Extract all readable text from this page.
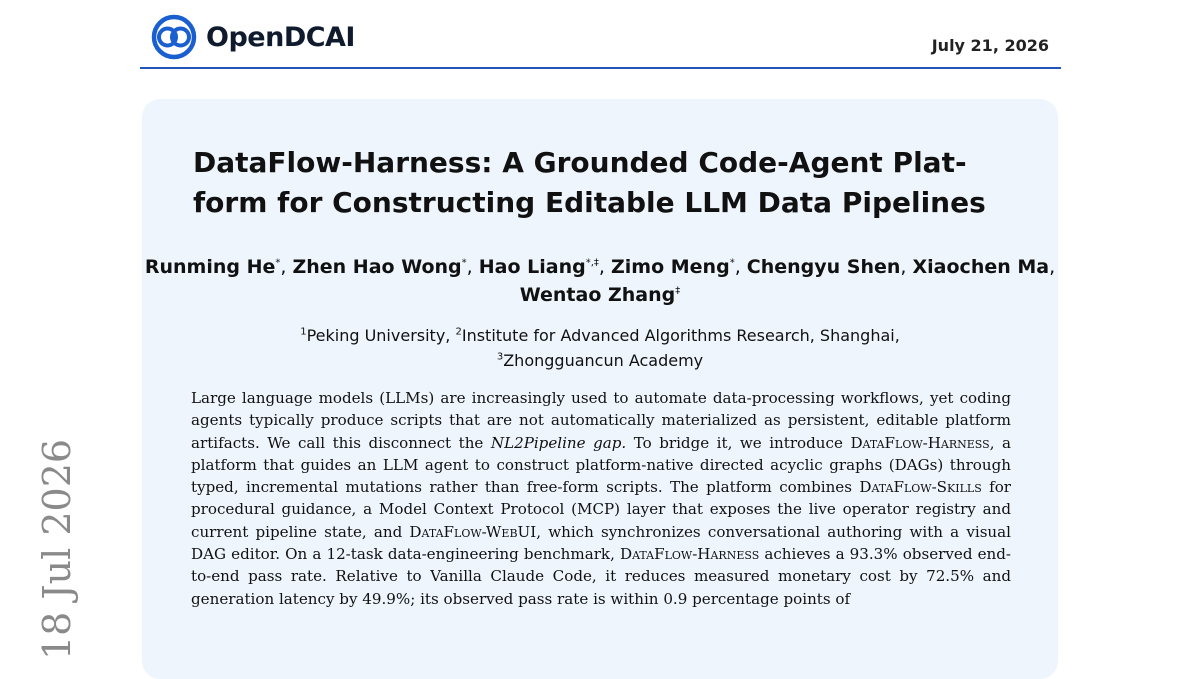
OpenDCAI	July 21, 2026
18 Jul 2026
DataFlow-Harness: A Grounded Code-Agent Plat-
form for Constructing Editable LLM Data Pipelines
Runming He*, Zhen Hao Wong*, Hao Liang*,‡, Zimo Meng*, Chengyu Shen, Xiaochen Ma, Wentao Zhang‡
$^1$Peking University, $^2$Institute for Advanced Algorithms Research, Shanghai,
$^3$Zhongguancun Academy

Large language models (LLMs) are increasingly used to automate data-processing workflows, yet coding agents typically produce scripts that are not automatically materialized as persistent, editable platform artifacts. We call this disconnect the NL2Pipeline gap. To bridge it, we introduce DataFlow-Harness, a platform that guides an LLM agent to construct platform-native directed acyclic graphs (DAGs) through typed, incremental mutations rather than free-form scripts. The platform combines DataFlow-Skills for procedural guidance, a Model Context Protocol (MCP) layer that exposes the live operator registry and current pipeline state, and DataFlow-WebUI, which synchronizes conversational authoring with a visual DAG editor. On a 12-task data-engineering benchmark, DataFlow-Harness achieves a 93.3% observed end-to-end pass rate. Relative to Vanilla Claude Code, it reduces measured monetary cost by 72.5% and generation latency by 49.9%; its observed pass rate is within 0.9 percentage points of
